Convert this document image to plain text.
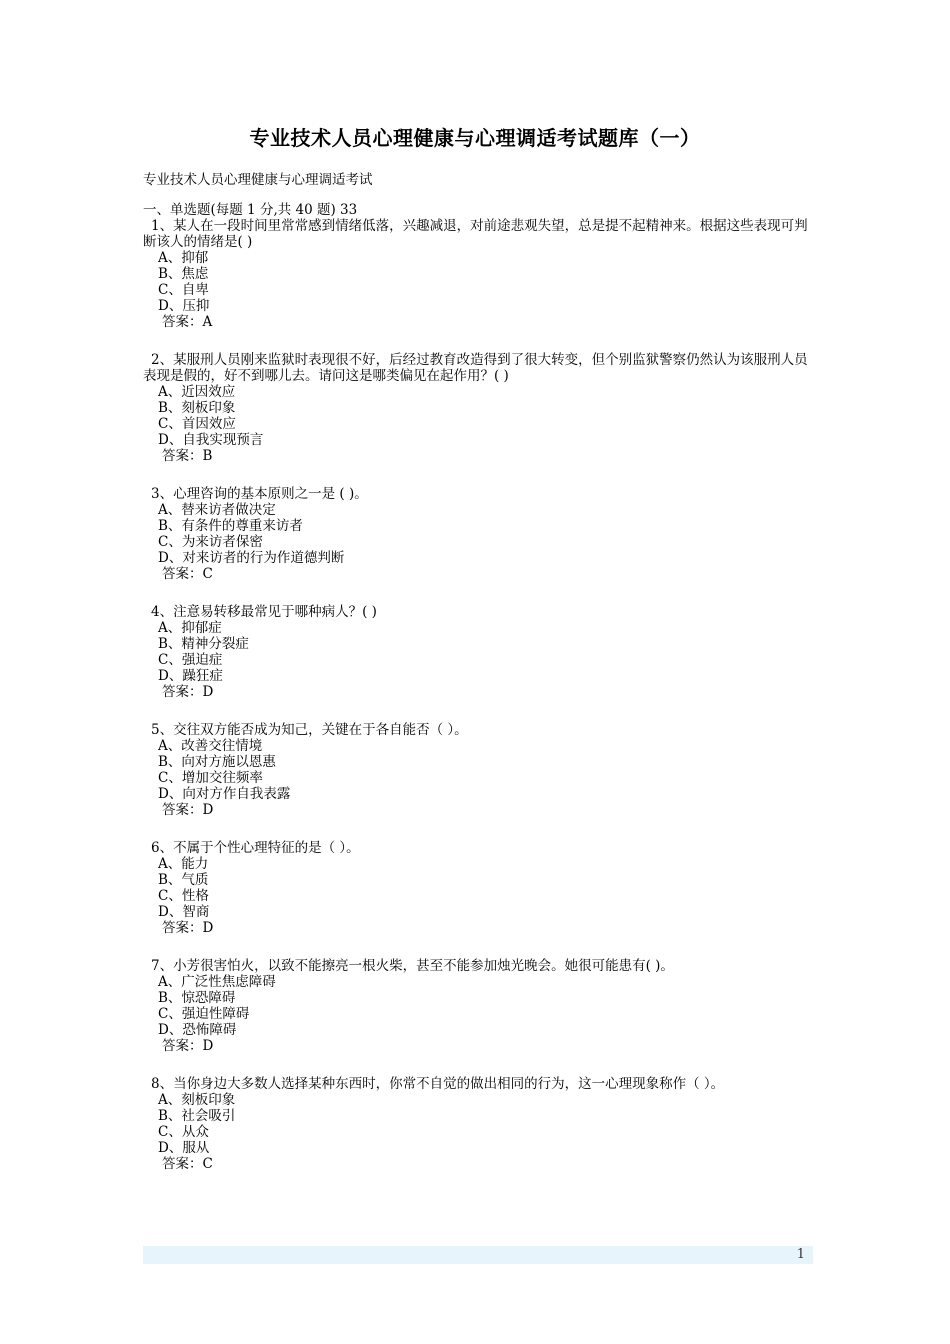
专业技术人员心理健康与心理调适考试题库（一）
专业技术人员心理健康与心理调适考试
一、单选题(每题 1 分,共 40 题) 33
1、某人在一段时间里常常感到情绪低落，兴趣减退，对前途悲观失望，总是提不起精神来。根据这些表现可判断该人的情绪是( )
A、抑郁
B、焦虑
C、自卑
D、压抑
答案：A
2、某服刑人员刚来监狱时表现很不好，后经过教育改造得到了很大转变，但个别监狱警察仍然认为该服刑人员表现是假的，好不到哪儿去。请问这是哪类偏见在起作用？( )
A、近因效应
B、刻板印象
C、首因效应
D、自我实现预言
答案：B
3、心理咨询的基本原则之一是 ( )。
A、替来访者做决定
B、有条件的尊重来访者
C、为来访者保密
D、对来访者的行为作道德判断
答案：C
4、注意易转移最常见于哪种病人？( )
A、抑郁症
B、精神分裂症
C、强迫症
D、躁狂症
答案：D
5、交往双方能否成为知己，关键在于各自能否（ ）。
A、改善交往情境
B、向对方施以恩惠
C、增加交往频率
D、向对方作自我表露
答案：D
6、不属于个性心理特征的是（ ）。
A、能力
B、气质
C、性格
D、智商
答案：D
7、小芳很害怕火，以致不能擦亮一根火柴，甚至不能参加烛光晚会。她很可能患有( )。
A、广泛性焦虑障碍
B、惊恐障碍
C、强迫性障碍
D、恐怖障碍
答案：D
8、当你身边大多数人选择某种东西时，你常不自觉的做出相同的行为，这一心理现象称作（ ）。
A、刻板印象
B、社会吸引
C、从众
D、服从
答案：C
1
